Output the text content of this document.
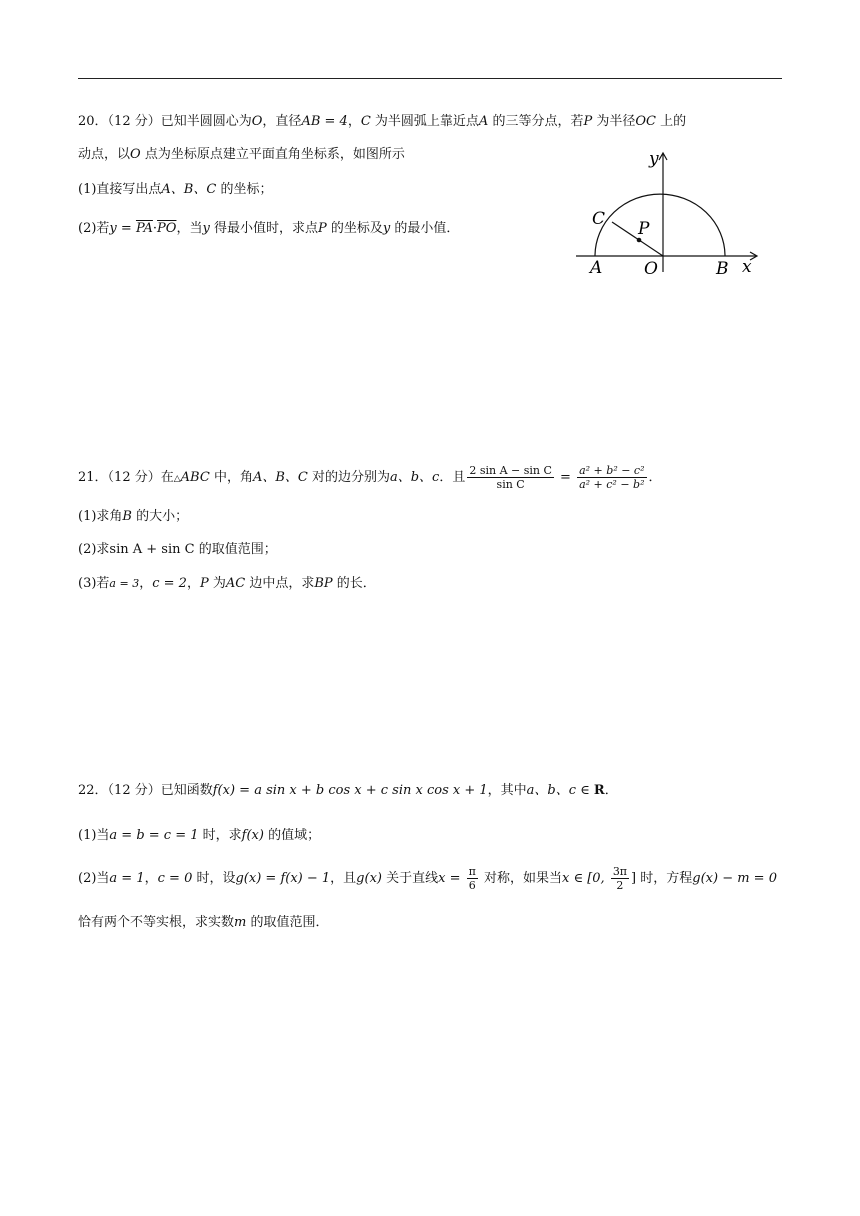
20．（12 分）已知半圆圆心为O，直径AB = 4，C 为半圆弧上靠近点A 的三等分点，若P 为半径OC 上的
动点，以O 点为坐标原点建立平面直角坐标系，如图所示
(1)直接写出点A、B、C 的坐标；
(2)若$y = \overline{PA}\cdot\overline{PO}$，当y 得最小值时，求点P 的坐标及y 的最小值．
y
x
C P
A O	B
21．（12 分）在△ABC 中，角A、B、C 对的边分别为a、b、c．且 $\frac{\text{2 sin A − sin C}}{\text{sin C}} = \frac{\text{a² + b² − c²}}{\text{a² + c² − b²}}$ ．
(1)求角B 的大小；
(2)求sin A + sin C 的取值范围；
(3)若a = 3，c = 2，P 为AC 边中点，求BP 的长．
22．（12 分）已知函数f(x) = a sin x + b cos x + c sin x cos x + 1，其中a、b、c ∈ R．
(1)当a = b = c = 1 时，求f(x) 的值域；
(2)当a = 1，c = 0 时，设g(x) = f(x) − 1，且g(x) 关于直线$x = \frac{\pi}{6}$ 对称，如果当x ∈ [0, $\frac{3\pi}{2}$ ] 时，方程g(x) − m = 0
恰有两个不等实根，求实数m 的取值范围．
